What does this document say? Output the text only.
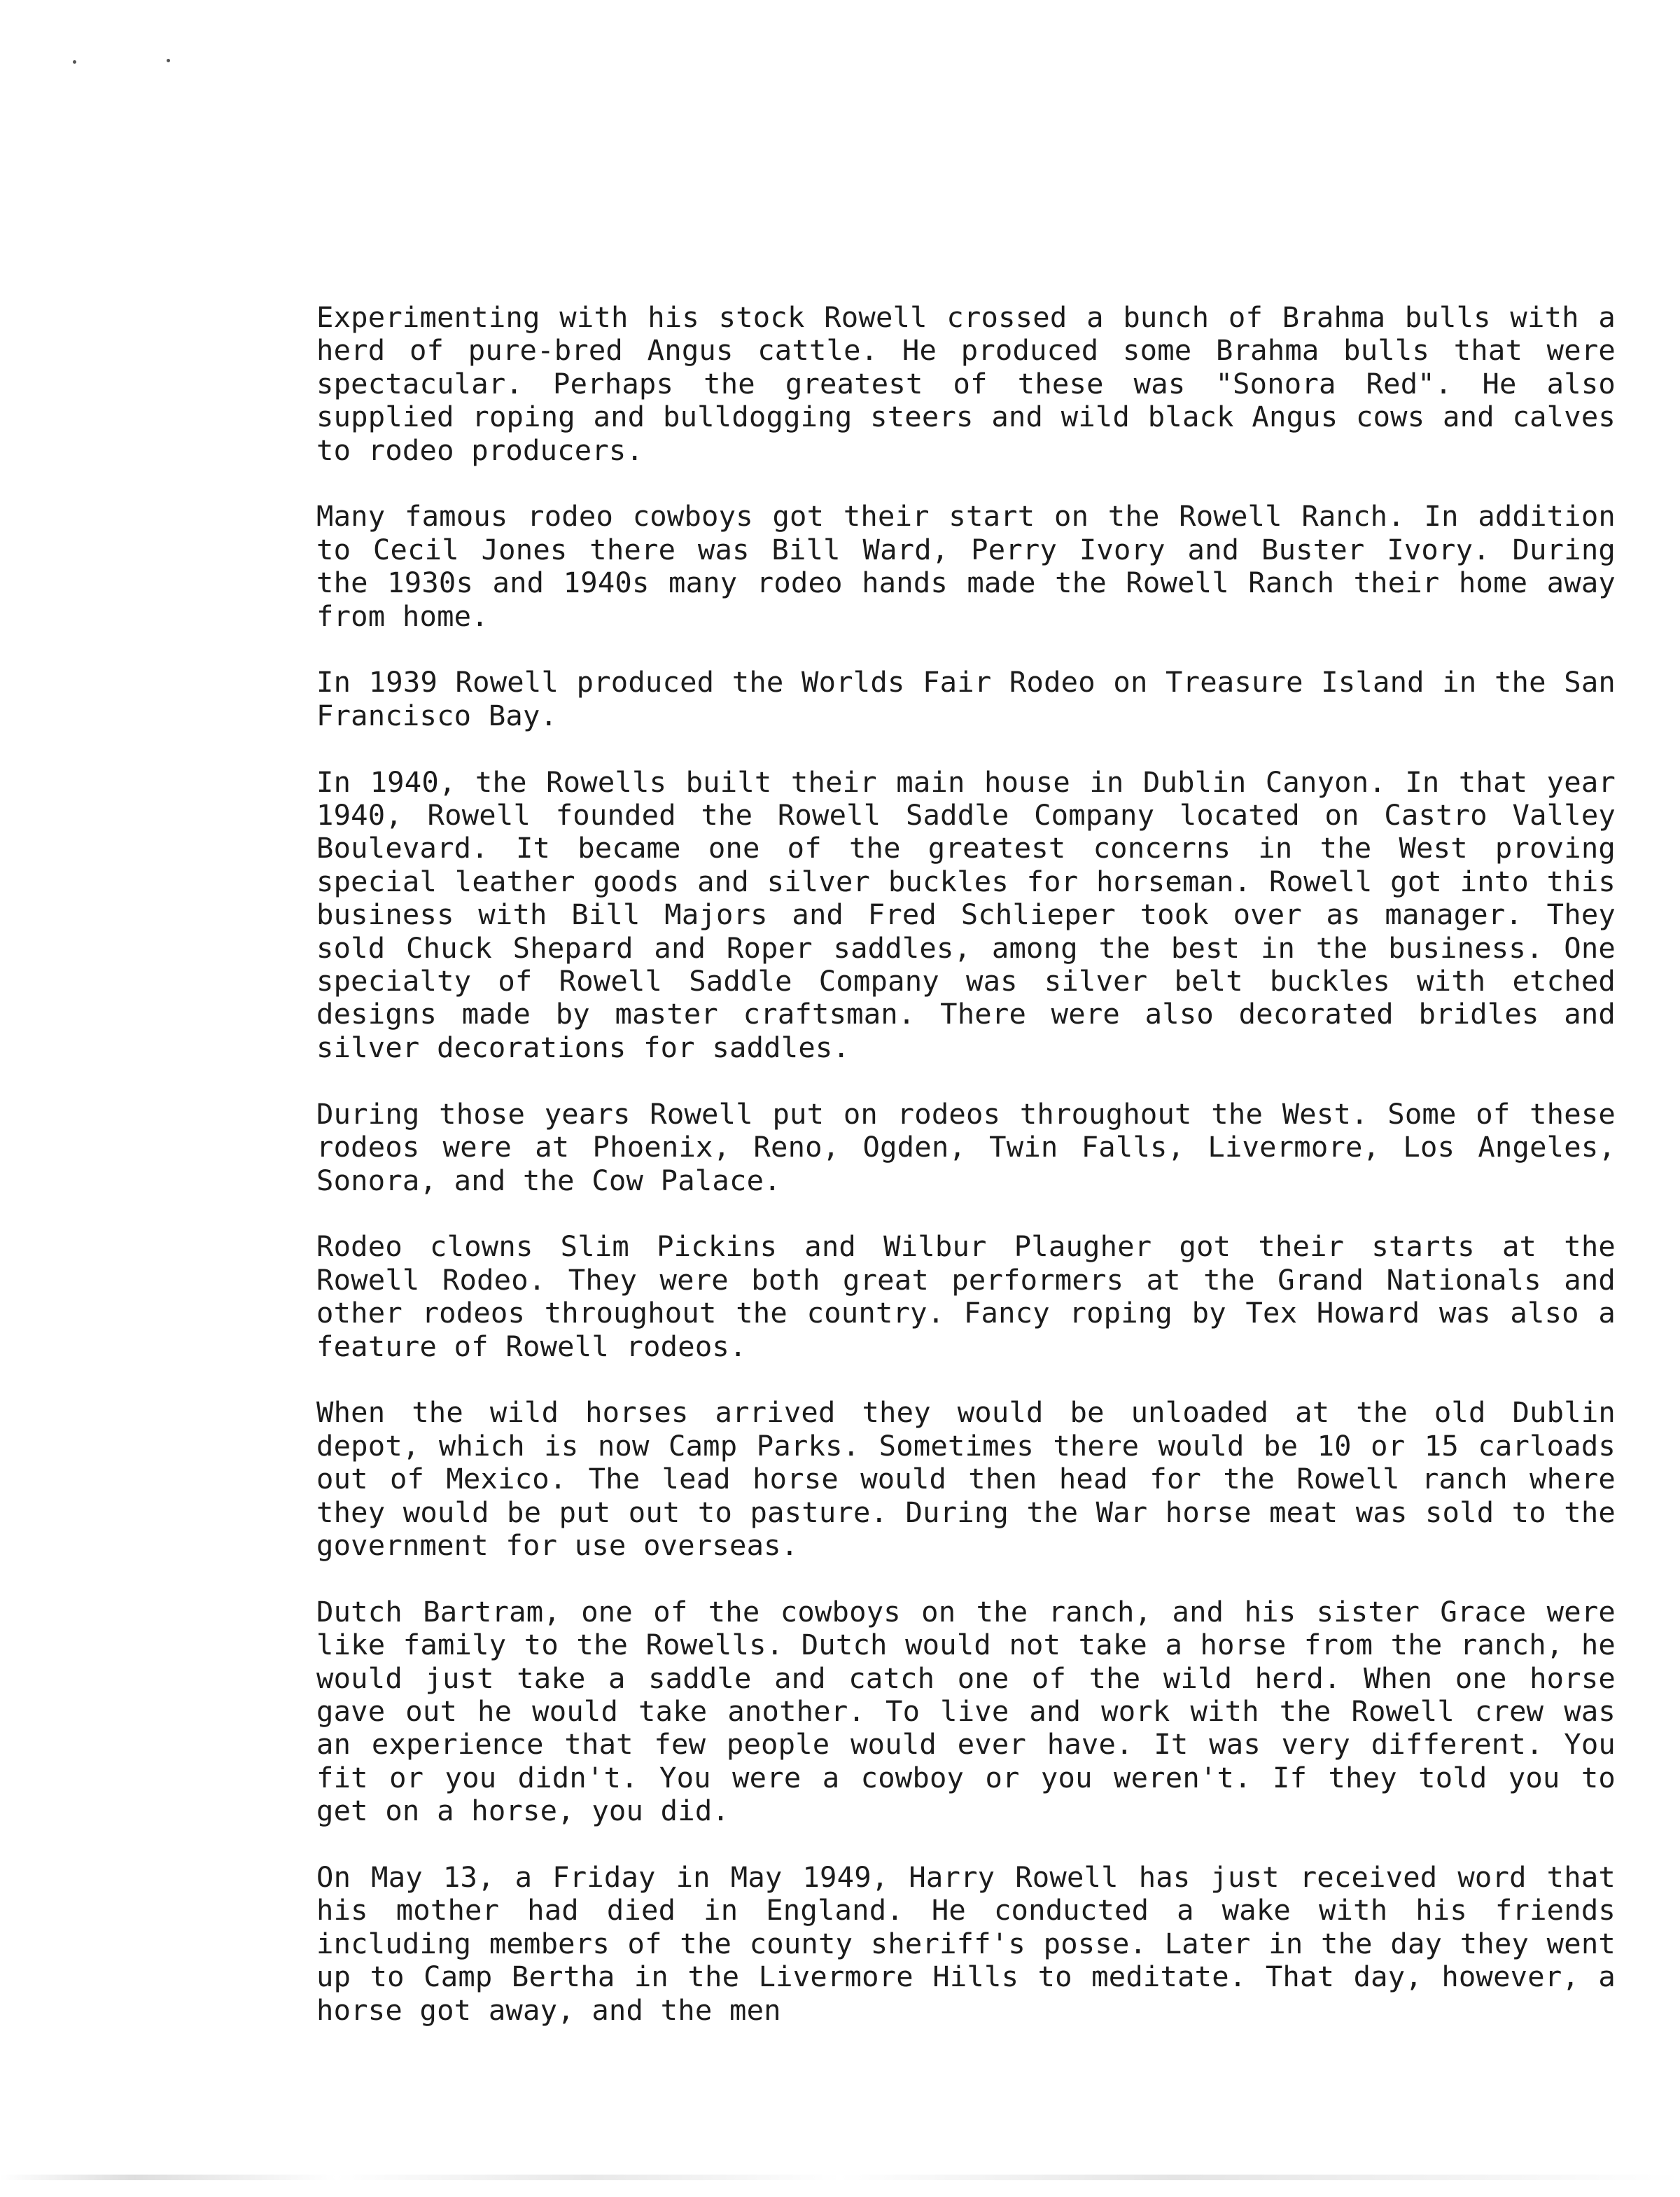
Experimenting with his stock Rowell crossed a bunch of Brahma bulls with a herd of pure-bred Angus cattle. He produced some Brahma bulls that were spectacular. Perhaps the greatest of these was "Sonora Red". He also supplied roping and bulldogging steers and wild black Angus cows and calves to rodeo producers.

Many famous rodeo cowboys got their start on the Rowell Ranch. In addition to Cecil Jones there was Bill Ward, Perry Ivory and Buster Ivory. During the 1930s and 1940s many rodeo hands made the Rowell Ranch their home away from home.

In 1939 Rowell produced the Worlds Fair Rodeo on Treasure Island in the San Francisco Bay.

In 1940, the Rowells built their main house in Dublin Canyon. In that year 1940, Rowell founded the Rowell Saddle Company located on Castro Valley Boulevard. It became one of the greatest concerns in the West proving special leather goods and silver buckles for horseman. Rowell got into this business with Bill Majors and Fred Schlieper took over as manager. They sold Chuck Shepard and Roper saddles, among the best in the business. One specialty of Rowell Saddle Company was silver belt buckles with etched designs made by master craftsman. There were also decorated bridles and silver decorations for saddles.

During those years Rowell put on rodeos throughout the West. Some of these rodeos were at Phoenix, Reno, Ogden, Twin Falls, Livermore, Los Angeles, Sonora, and the Cow Palace.

Rodeo clowns Slim Pickins and Wilbur Plaugher got their starts at the Rowell Rodeo. They were both great performers at the Grand Nationals and other rodeos throughout the country. Fancy roping by Tex Howard was also a feature of Rowell rodeos.

When the wild horses arrived they would be unloaded at the old Dublin depot, which is now Camp Parks. Sometimes there would be 10 or 15 carloads out of Mexico. The lead horse would then head for the Rowell ranch where they would be put out to pasture. During the War horse meat was sold to the government for use overseas.

Dutch Bartram, one of the cowboys on the ranch, and his sister Grace were like family to the Rowells. Dutch would not take a horse from the ranch, he would just take a saddle and catch one of the wild herd. When one horse gave out he would take another. To live and work with the Rowell crew was an experience that few people would ever have. It was very different. You fit or you didn't. You were a cowboy or you weren't. If they told you to get on a horse, you did.

On May 13, a Friday in May 1949, Harry Rowell has just received word that his mother had died in England. He conducted a wake with his friends including members of the county sheriff's posse. Later in the day they went up to Camp Bertha in the Livermore Hills to meditate. That day, however, a horse got away, and the men
